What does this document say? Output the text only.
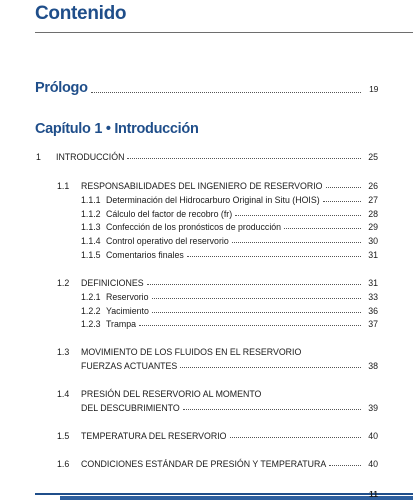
Contenido
Prólogo	19
Capítulo 1 • Introducción
1	INTRODUCCIÓN	25
1.1	RESPONSABILIDADES DEL INGENIERO DE RESERVORIO	26
1.1.1 Determinación del Hidrocarburo Original in Situ (HOIS)	27
1.1.2 Cálculo del factor de recobro (fr)	28
1.1.3 Confección de los pronósticos de producción	29
1.1.4 Control operativo del reservorio	30
1.1.5 Comentarios finales	31
1.2	DEFINICIONES	31
1.2.1 Reservorio	33
1.2.2 Yacimiento	36
1.2.3 Trampa	37
1.3 MOVIMIENTO DE LOS FLUIDOS EN EL RESERVORIO
FUERZAS ACTUANTES	38
1.4 PRESIÓN DEL RESERVORIO AL MOMENTO
DEL DESCUBRIMIENTO	39
1.5	TEMPERATURA DEL RESERVORIO	40
1.6	CONDICIONES ESTÁNDAR DE PRESIÓN Y TEMPERATURA	40
11
